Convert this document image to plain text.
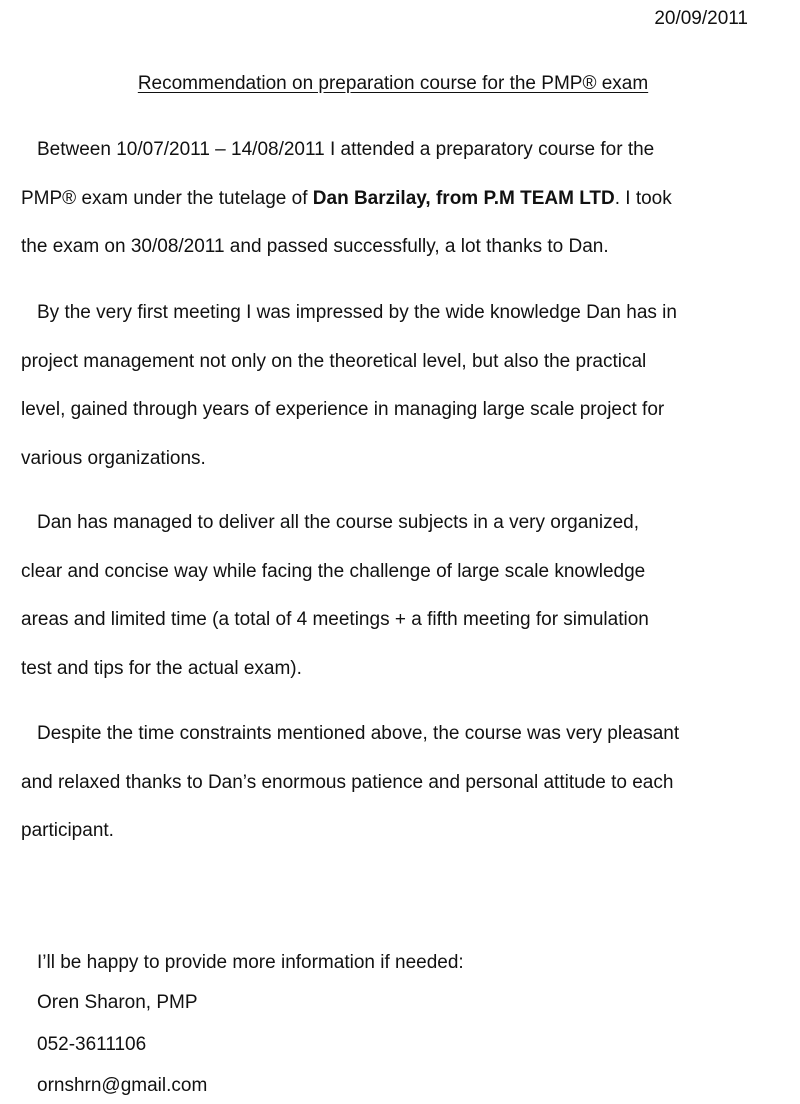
20/09/2011
Recommendation on preparation course for the PMP® exam

Between 10/07/2011 – 14/08/2011 I attended a preparatory course for the
PMP® exam under the tutelage of Dan Barzilay, from P.M TEAM LTD. I took
the exam on 30/08/2011 and passed successfully, a lot thanks to Dan.

By the very first meeting I was impressed by the wide knowledge Dan has in
project management not only on the theoretical level, but also the practical
level, gained through years of experience in managing large scale project for
various organizations.

Dan has managed to deliver all the course subjects in a very organized,
clear and concise way while facing the challenge of large scale knowledge
areas and limited time (a total of 4 meetings + a fifth meeting for simulation
test and tips for the actual exam).

Despite the time constraints mentioned above, the course was very pleasant
and relaxed thanks to Dan’s enormous patience and personal attitude to each
participant.

I’ll be happy to provide more information if needed:

Oren Sharon, PMP

052-3611106

ornshrn@gmail.com
